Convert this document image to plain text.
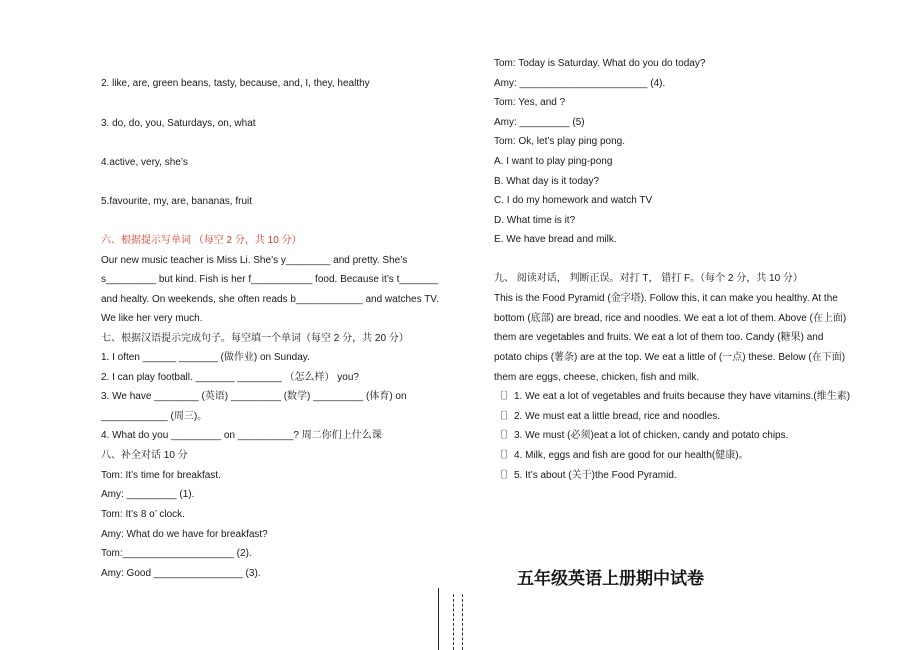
2. like, are, green beans, tasty, because, and, I, they, healthy
3. do, do, you, Saturdays, on, what
4.active, very, she’s
5.favourite, my, are, bananas, fruit
六、根据提示写单词 （每空 2 分，共 10 分）
Our new music teacher is Miss Li. She’s y________ and pretty. She’s
s_________ but kind. Fish is her f___________ food. Because it’s t_______
and healty. On weekends, she often reads b____________ and watches TV.
We like her very much.
七、根据汉语提示完成句子。每空填一个单词（每空 2 分，共 20 分）
1. I often ______ _______ (做作业) on Sunday.
2. I can play football. _______ ________ （怎么样） you?
3. We have ________ (英语) _________ (数学) _________ (体育) on
____________ (周三)。
4. What do you _________ on __________? 周二你们上什么课
八、补全对话 10 分
Tom: It’s time for breakfast.
Amy: _________ (1).
Tom: It’s 8 o’ clock.
Amy: What do we have for breakfast?
Tom:____________________ (2).
Amy: Good ________________ (3).
Tom: Today is Saturday. What do you do today?
Amy: _______________________ (4).
Tom: Yes, and ?
Amy: _________ (5)
Tom: Ok, let’s play ping pong.
A. I want to play ping-pong
B. What day is it today?
C. I do my homework and watch TV
D. What time is it?
E. We have bread and milk.
九、 阅读对话， 判断正误。对打 T， 错打 F。（每个 2 分，共 10 分）
This is the Food Pyramid (金字塔). Follow this, it can make you healthy. At the
bottom (底部) are bread, rice and noodles. We eat a lot of them. Above (在上面)
them are vegetables and fruits. We eat a lot of them too. Candy (糖果) and
potato chips (薯条) are at the top. We eat a little of (一点) these. Below (在下面)
them are eggs, cheese, chicken, fish and milk.
〔〕1. We eat a lot of vegetables and fruits because they have vitamins.(维生素)
〔〕2. We must eat a little bread, rice and noodles.
〔〕3. We must (必须)eat a lot of chicken, candy and potato chips.
〔〕4. Milk, eggs and fish are good for our health(健康)。
〔〕5. It’s about (关于)the Food Pyramid.
五年级英语上册期中试卷
